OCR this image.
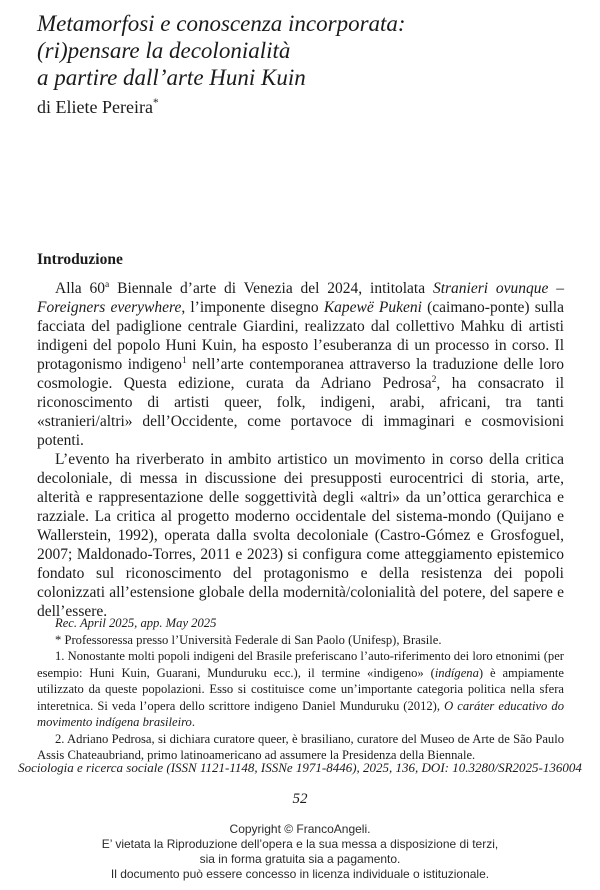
Metamorfosi e conoscenza incorporata:
(ri)pensare la decolonialità
a partire dall’arte Huni Kuin
di Eliete Pereira*
Introduzione

Alla 60$^a$ Biennale d’arte di Venezia del 2024, intitolata Stranieri ovunque – Foreigners everywhere, l’imponente disegno Kapewë Pukeni (caimano-ponte) sulla facciata del padiglione centrale Giardini, realizzato dal collettivo Mahku di artisti indigeni del popolo Huni Kuin, ha esposto l’esuberanza di un processo in corso. Il protagonismo indigeno$^1$ nell’arte contemporanea attraverso la traduzione delle loro cosmologie. Questa edizione, curata da Adriano Pedrosa$^2$, ha consacrato il riconoscimento di artisti queer, folk, indigeni, arabi, africani, tra tanti «stranieri/altri» dell’Occidente, come portavoce di immaginari e cosmovisioni potenti.

L’evento ha riverberato in ambito artistico un movimento in corso della critica decoloniale, di messa in discussione dei presupposti eurocentrici di storia, arte, alterità e rappresentazione delle soggettività degli «altri» da un’ottica gerarchica e razziale. La critica al progetto moderno occidentale del sistema-mondo (Quijano e Wallerstein, 1992), operata dalla svolta decoloniale (Castro-Gómez e Grosfoguel, 2007; Maldonado-Torres, 2011 e 2023) si configura come atteggiamento epistemico fondato sul riconoscimento del protagonismo e della resistenza dei popoli colonizzati all’estensione globale della modernità/colonialità del potere, del sapere e dell’essere.

Rec. April 2025, app. May 2025

* Professoressa presso l’Università Federale di San Paolo (Unifesp), Brasile.

1. Nonostante molti popoli indigeni del Brasile preferiscano l’auto-riferimento dei loro etnonimi (per esempio: Huni Kuin, Guarani, Munduruku ecc.), il termine «indigeno» (indígena) è ampiamente utilizzato da queste popolazioni. Esso si costituisce come un’importante categoria politica nella sfera interetnica. Si veda l’opera dello scrittore indigeno Daniel Munduruku (2012), O caráter educativo do movimento indígena brasileiro.

2. Adriano Pedrosa, si dichiara curatore queer, è brasiliano, curatore del Museo de Arte de São Paulo Assis Chateaubriand, primo latinoamericano ad assumere la Presidenza della Biennale.

Sociologia e ricerca sociale (ISSN 1121-1148, ISSNe 1971-8446), 2025, 136, DOI: 10.3280/SR2025-136004
52
Copyright © FrancoAngeli.
E’ vietata la Riproduzione dell’opera e la sua messa a disposizione di terzi,
sia in forma gratuita sia a pagamento.
Il documento può essere concesso in licenza individuale o istituzionale.
